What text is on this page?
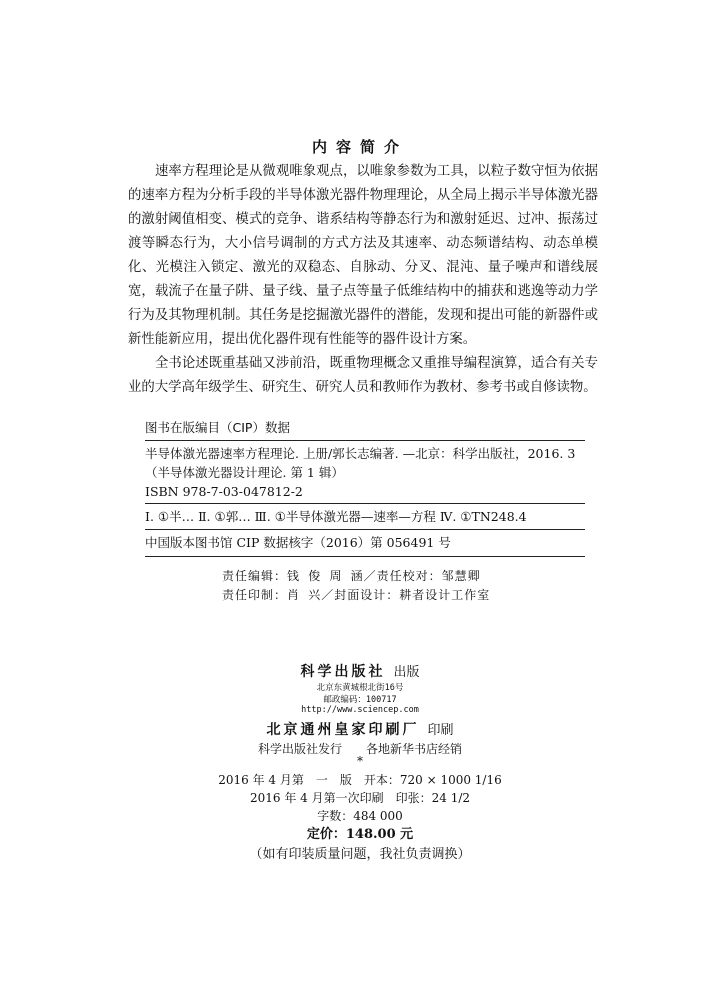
内容简介

速率方程理论是从微观唯象观点，以唯象参数为工具，以粒子数守恒为依据的速率方程为分析手段的半导体激光器件物理理论，从全局上揭示半导体激光器的激射阈值相变、模式的竞争、谐系结构等静态行为和激射延迟、过冲、振荡过渡等瞬态行为，大小信号调制的方式方法及其速率、动态频谱结构、动态单模化、光模注入锁定、激光的双稳态、自脉动、分叉、混沌、量子噪声和谱线展宽，载流子在量子阱、量子线、量子点等量子低维结构中的捕获和逃逸等动力学行为及其物理机制。其任务是挖掘激光器件的潜能，发现和提出可能的新器件或新性能新应用，提出优化器件现有性能等的器件设计方案。

全书论述既重基础又涉前沿，既重物理概念又重推导编程演算，适合有关专业的大学高年级学生、研究生、研究人员和教师作为教材、参考书或自修读物。

图书在版编目（CIP）数据
半导体激光器速率方程理论. 上册/郭长志编著. —北京：科学出版社，2016. 3
（半导体激光器设计理论. 第 1 辑）
ISBN 978-7-03-047812-2
Ⅰ. ①半… Ⅱ. ①郭… Ⅲ. ①半导体激光器—速率—方程 Ⅳ. ①TN248.4
中国版本图书馆 CIP 数据核字（2016）第 056491 号
责任编辑：钱 俊 周 涵／责任校对：邹慧卿
责任印制：肖 兴／封面设计：耕者设计工作室
科学出版社 出版
北京东黄城根北街16号
邮政编码：100717
http://www.sciencep.com
北京通州皇家印刷厂 印刷
科学出版社发行 各地新华书店经销
*
2016 年 4 月第　一　版 开本：720 × 1000 1/16
2016 年 4 月第一次印刷 印张：24 1/2
字数：484 000
定价：148.00 元
（如有印装质量问题，我社负责调换）
